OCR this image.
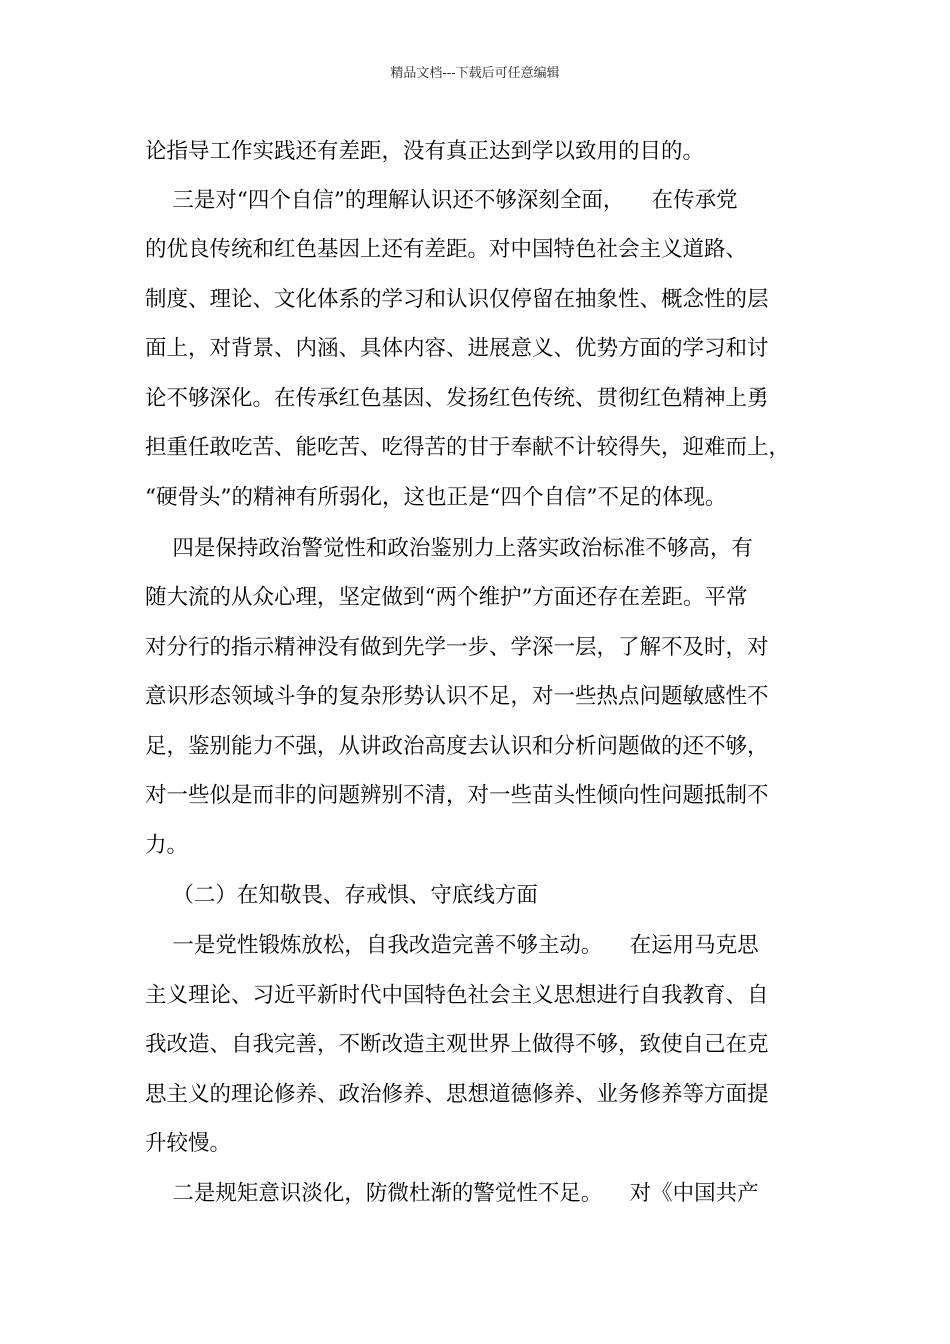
精品文档---下载后可任意编辑
论指导工作实践还有差距，没有真正达到学以致用的目的。
三是对“四个自信”的理解认识还不够深刻全面，    在传承党
的优良传统和红色基因上还有差距。对中国特色社会主义道路、
制度、理论、文化体系的学习和认识仅停留在抽象性、概念性的层
面上，对背景、内涵、具体内容、进展意义、优势方面的学习和讨
论不够深化。在传承红色基因、发扬红色传统、贯彻红色精神上勇
担重任敢吃苦、能吃苦、吃得苦的甘于奉献不计较得失，迎难而上，
“硬骨头”的精神有所弱化，这也正是“四个自信”不足的体现。
四是保持政治警觉性和政治鉴别力上落实政治标准不够高，有
随大流的从众心理，坚定做到“两个维护”方面还存在差距。平常
对分行的指示精神没有做到先学一步、学深一层，了解不及时，对
意识形态领域斗争的复杂形势认识不足，对一些热点问题敏感性不
足，鉴别能力不强，从讲政治高度去认识和分析问题做的还不够，
对一些似是而非的问题辨别不清，对一些苗头性倾向性问题抵制不
力。
（二）在知敬畏、存戒惧、守底线方面
一是党性锻炼放松，自我改造完善不够主动。    在运用马克思
主义理论、习近平新时代中国特色社会主义思想进行自我教育、自
我改造、自我完善，不断改造主观世界上做得不够，致使自己在克
思主义的理论修养、政治修养、思想道德修养、业务修养等方面提
升较慢。
二是规矩意识淡化，防微杜渐的警觉性不足。    对《中国共产
